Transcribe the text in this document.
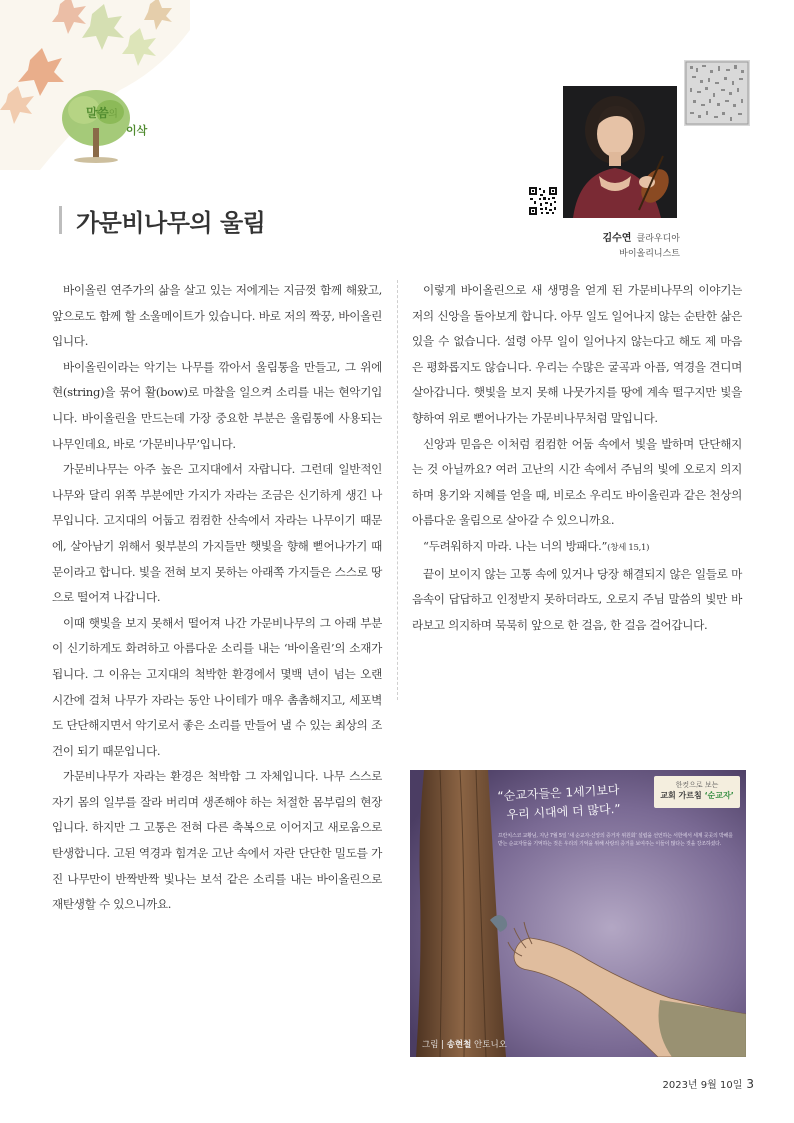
말씀의
이삭
김수연 클라우디아
바이올리니스트
가문비나무의 울림

바이올린 연주가의 삶을 살고 있는 저에게는 지금껏 함께 해왔고, 앞으로도 함께 할 소울메이트가 있습니다. 바로 저의 짝꿍, 바이올린입니다.

바이올린이라는 악기는 나무를 깎아서 울림통을 만들고, 그 위에 현(string)을 묶어 활(bow)로 마찰을 일으켜 소리를 내는 현악기입니다. 바이올린을 만드는데 가장 중요한 부분은 울림통에 사용되는 나무인데요, 바로 ‘가문비나무’입니다.

가문비나무는 아주 높은 고지대에서 자랍니다. 그런데 일반적인 나무와 달리 위쪽 부분에만 가지가 자라는 조금은 신기하게 생긴 나무입니다. 고지대의 어둡고 컴컴한 산속에서 자라는 나무이기 때문에, 살아남기 위해서 윗부분의 가지들만 햇빛을 향해 뻗어나가기 때문이라고 합니다. 빛을 전혀 보지 못하는 아래쪽 가지들은 스스로 땅으로 떨어져 나갑니다.

이때 햇빛을 보지 못해서 떨어져 나간 가문비나무의 그 아래 부분이 신기하게도 화려하고 아름다운 소리를 내는 ‘바이올린’의 소재가 됩니다. 그 이유는 고지대의 척박한 환경에서 몇백 년이 넘는 오랜 시간에 걸쳐 나무가 자라는 동안 나이테가 매우 촘촘해지고, 세포벽도 단단해지면서 악기로서 좋은 소리를 만들어 낼 수 있는 최상의 조건이 되기 때문입니다.

가문비나무가 자라는 환경은 척박함 그 자체입니다. 나무 스스로 자기 몸의 일부를 잘라 버리며 생존해야 하는 처절한 몸부림의 현장입니다. 하지만 그 고통은 전혀 다른 축복으로 이어지고 새로움으로 탄생합니다. 고된 역경과 힘겨운 고난 속에서 자란 단단한 밀도를 가진 나무만이 반짝반짝 빛나는 보석 같은 소리를 내는 바이올린으로 재탄생할 수 있으니까요.

이렇게 바이올린으로 새 생명을 얻게 된 가문비나무의 이야기는 저의 신앙을 돌아보게 합니다. 아무 일도 일어나지 않는 순탄한 삶은 있을 수 없습니다. 설령 아무 일이 일어나지 않는다고 해도 제 마음은 평화롭지도 않습니다. 우리는 수많은 굴곡과 아픔, 역경을 견디며 살아갑니다. 햇빛을 보지 못해 나뭇가지를 땅에 계속 떨구지만 빛을 향하여 위로 뻗어나가는 가문비나무처럼 말입니다.

신앙과 믿음은 이처럼 컴컴한 어둠 속에서 빛을 발하며 단단해지는 것 아닐까요? 여러 고난의 시간 속에서 주님의 빛에 오로지 의지하며 용기와 지혜를 얻을 때, 비로소 우리도 바이올린과 같은 천상의 아름다운 울림으로 살아갈 수 있으니까요.

“두려워하지 마라. 나는 너의 방패다.”(창세 15,1)

끝이 보이지 않는 고통 속에 있거나 당장 해결되지 않은 일들로 마음속이 답답하고 인정받지 못하더라도, 오로지 주님 말씀의 빛만 바라보고 의지하며 묵묵히 앞으로 한 걸음, 한 걸음 걸어갑니다.

“순교자들은 1세기보다
우리 시대에 더 많다.”
프란치스코 교황님, 지난 7월 5일 ‘새 순교자-신앙의 증거자 위원회’ 설립을 선언하는 서한에서 세계 곳곳의 박해를 받는 순교자들을 기억하는 것은 우리의 기억을 위해 사랑의 증거를 보여주는 이들이 많다는 것을 강조하셨다.
한컷으로 보는
교회 가르침 ‘순교자’
그림 | 송현철 안토니오
2023년 9월 10일 3
